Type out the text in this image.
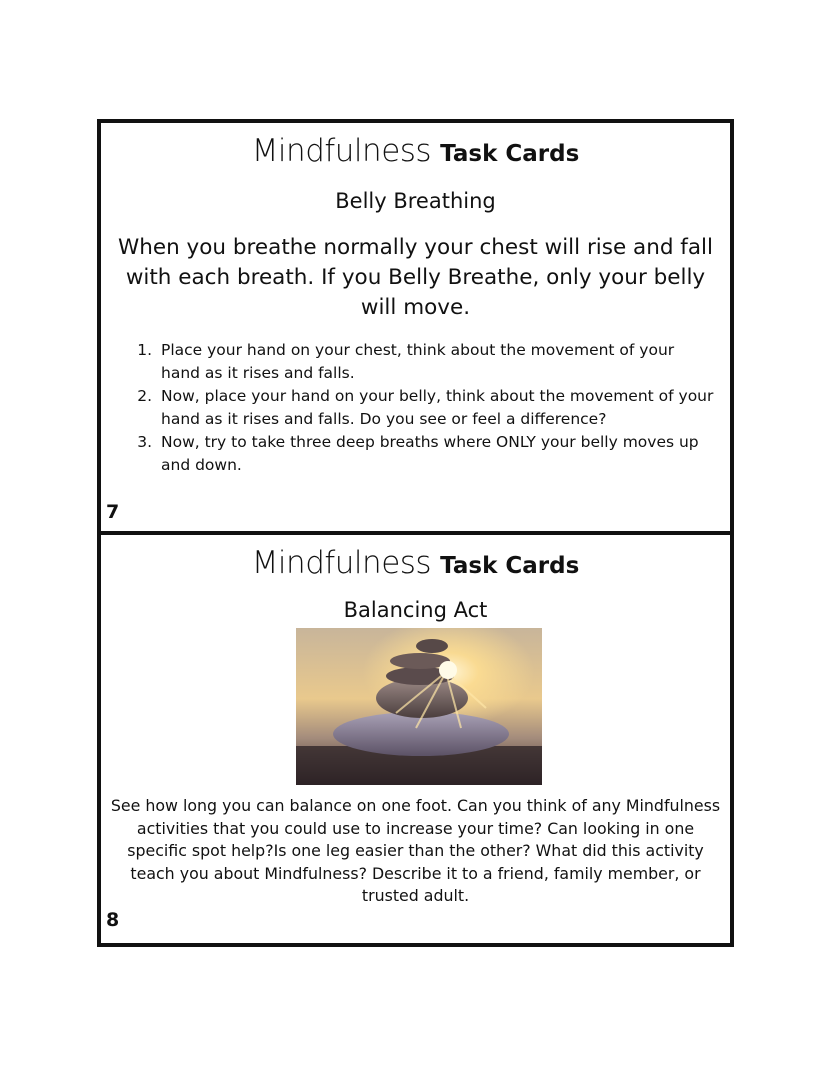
Mindfulness Task Cards
Belly Breathing
When you breathe normally your chest will rise and fall with each breath. If you Belly Breathe, only your belly will move.
1. Place your hand on your chest, think about the movement of your hand as it rises and falls.
2. Now, place your hand on your belly, think about the movement of your hand as it rises and falls. Do you see or feel a difference?
3. Now, try to take three deep breaths where ONLY your belly moves up and down.
7
Mindfulness Task Cards
Balancing Act
See how long you can balance on one foot. Can you think of any Mindfulness activities that you could use to increase your time? Can looking in one specific spot help?Is one leg easier than the other? What did this activity teach you about Mindfulness? Describe it to a friend, family member, or trusted adult.
8
